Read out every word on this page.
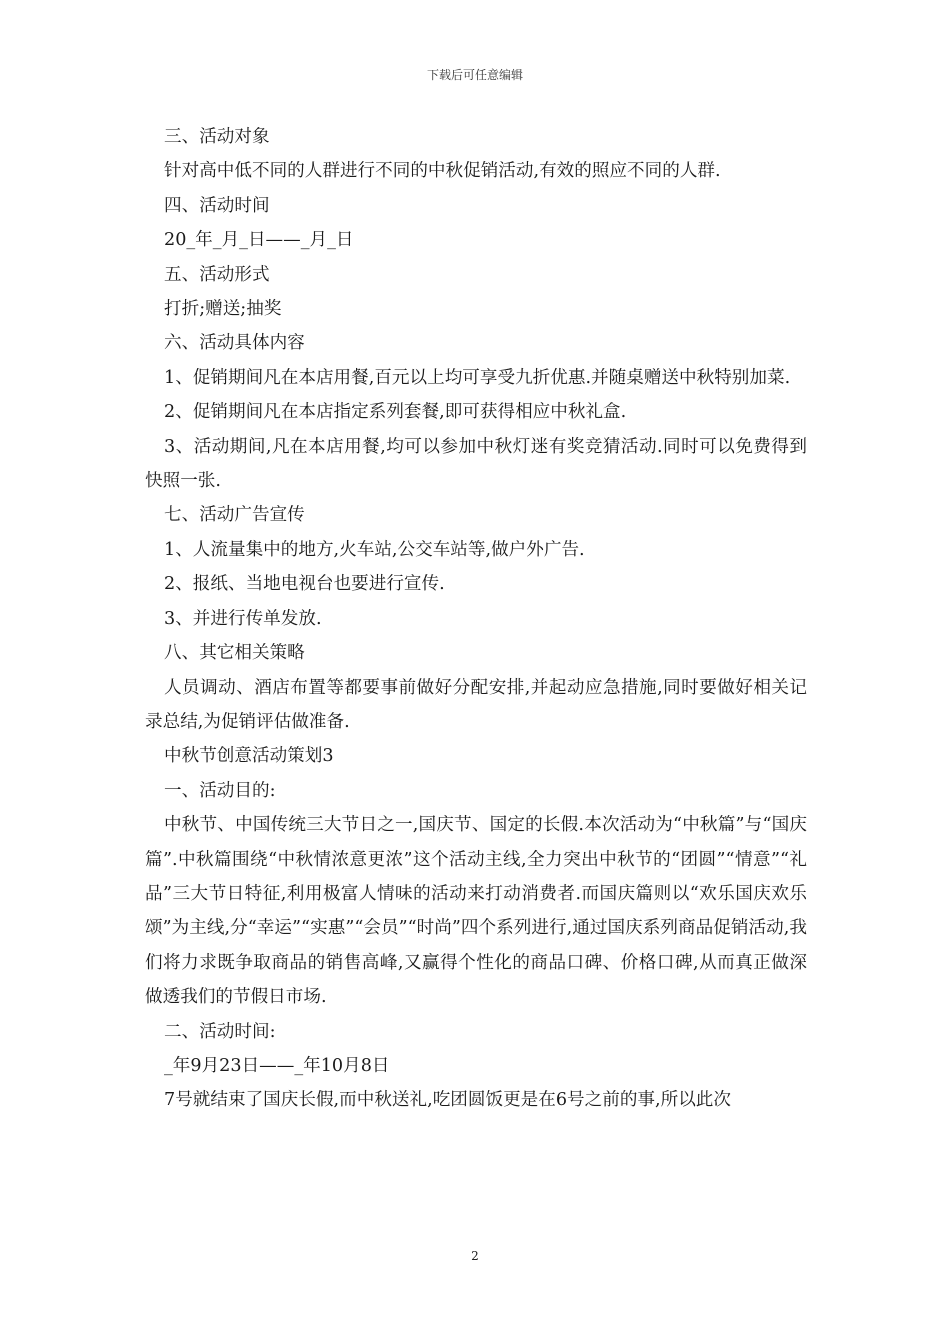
下载后可任意编辑

三、活动对象

针对高中低不同的人群进行不同的中秋促销活动,有效的照应不同的人群.

四、活动时间

20_年_月_日——_月_日

五、活动形式

打折;赠送;抽奖

六、活动具体内容

1、促销期间凡在本店用餐,百元以上均可享受九折优惠.并随桌赠送中秋特别加菜.

2、促销期间凡在本店指定系列套餐,即可获得相应中秋礼盒.

3、活动期间,凡在本店用餐,均可以参加中秋灯迷有奖竞猜活动.同时可以免费得到快照一张.

七、活动广告宣传

1、人流量集中的地方,火车站,公交车站等,做户外广告.

2、报纸、当地电视台也要进行宣传.

3、并进行传单发放.

八、其它相关策略

人员调动、酒店布置等都要事前做好分配安排,并起动应急措施,同时要做好相关记录总结,为促销评估做准备.

中秋节创意活动策划3

一、活动目的:

中秋节、中国传统三大节日之一,国庆节、国定的长假.本次活动为“中秋篇”与“国庆篇”.中秋篇围绕“中秋情浓意更浓”这个活动主线,全力突出中秋节的“团圆”“情意”“礼品”三大节日特征,利用极富人情味的活动来打动消费者.而国庆篇则以“欢乐国庆欢乐颂”为主线,分“幸运”“实惠”“会员”“时尚”四个系列进行,通过国庆系列商品促销活动,我们将力求既争取商品的销售高峰,又赢得个性化的商品口碑、价格口碑,从而真正做深做透我们的节假日市场.

二、活动时间:

_年9月23日——_年10月8日

7号就结束了国庆长假,而中秋送礼,吃团圆饭更是在6号之前的事,所以此次

2
